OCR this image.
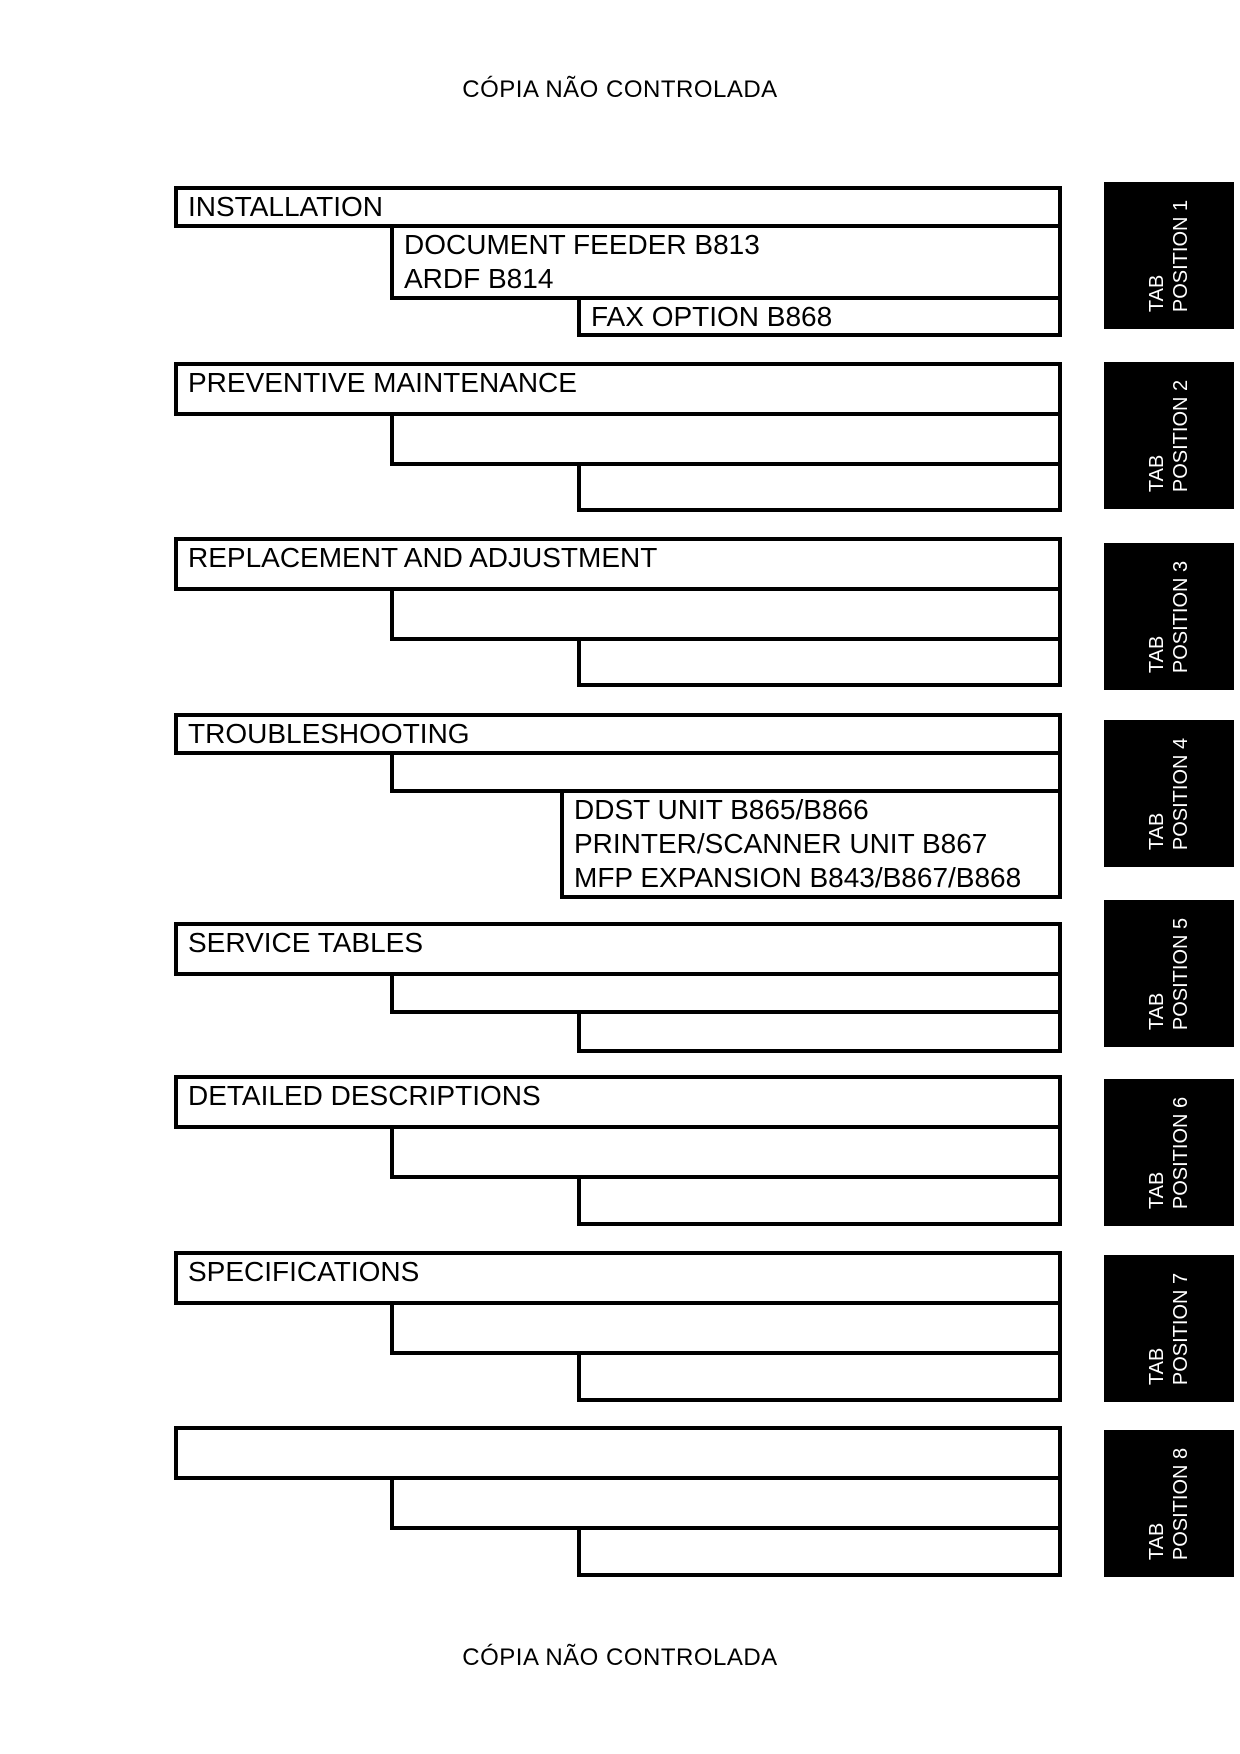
CÓPIA NÃO CONTROLADA
INSTALLATION
DOCUMENT FEEDER B813
ARDF B814
FAX OPTION B868
PREVENTIVE MAINTENANCE
REPLACEMENT AND ADJUSTMENT
TROUBLESHOOTING
DDST UNIT B865/B866
PRINTER/SCANNER UNIT B867
MFP EXPANSION B843/B867/B868
SERVICE TABLES
DETAILED DESCRIPTIONS
SPECIFICATIONS
TAB POSITION 1
TAB POSITION 2
TAB POSITION 3
TAB POSITION 4
TAB POSITION 5
TAB POSITION 6
TAB POSITION 7
TAB POSITION 8
CÓPIA NÃO CONTROLADA
